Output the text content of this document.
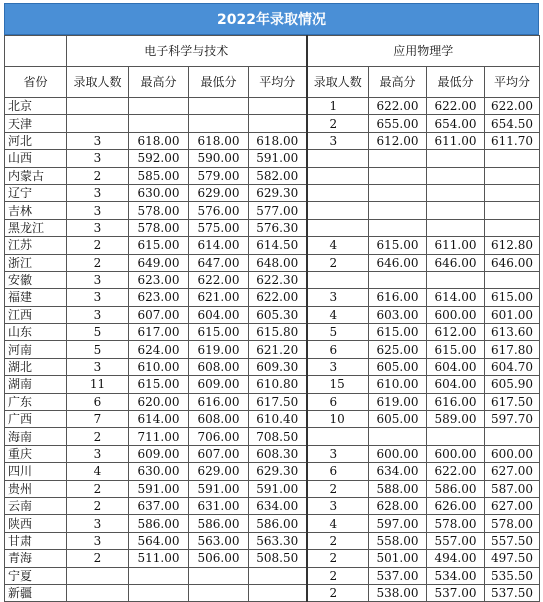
2022年录取情况
	电子科学与技术				应用物理学			
省份	录取人数	最高分	最低分	平均分	录取人数	最高分	最低分	平均分
北京					1	622.00	622.00	622.00
天津					2	655.00	654.00	654.50
河北	3	618.00	618.00	618.00	3	612.00	611.00	611.70
山西	3	592.00	590.00	591.00				
内蒙古	2	585.00	579.00	582.00				
辽宁	3	630.00	629.00	629.30				
吉林	3	578.00	576.00	577.00				
黑龙江	3	578.00	575.00	576.30				
江苏	2	615.00	614.00	614.50	4	615.00	611.00	612.80
浙江	2	649.00	647.00	648.00	2	646.00	646.00	646.00
安徽	3	623.00	622.00	622.30				
福建	3	623.00	621.00	622.00	3	616.00	614.00	615.00
江西	3	607.00	604.00	605.30	4	603.00	600.00	601.00
山东	5	617.00	615.00	615.80	5	615.00	612.00	613.60
河南	5	624.00	619.00	621.20	6	625.00	615.00	617.80
湖北	3	610.00	608.00	609.30	3	605.00	604.00	604.70
湖南	11	615.00	609.00	610.80	15	610.00	604.00	605.90
广东	6	620.00	616.00	617.50	6	619.00	616.00	617.50
广西	7	614.00	608.00	610.40	10	605.00	589.00	597.70
海南	2	711.00	706.00	708.50				
重庆	3	609.00	607.00	608.30	3	600.00	600.00	600.00
四川	4	630.00	629.00	629.30	6	634.00	622.00	627.00
贵州	2	591.00	591.00	591.00	2	588.00	586.00	587.00
云南	2	637.00	631.00	634.00	3	628.00	626.00	627.00
陕西	3	586.00	586.00	586.00	4	597.00	578.00	578.00
甘肃	3	564.00	563.00	563.30	2	558.00	557.00	557.50
青海	2	511.00	506.00	508.50	2	501.00	494.00	497.50
宁夏					2	537.00	534.00	535.50
新疆					2	538.00	537.00	537.50
